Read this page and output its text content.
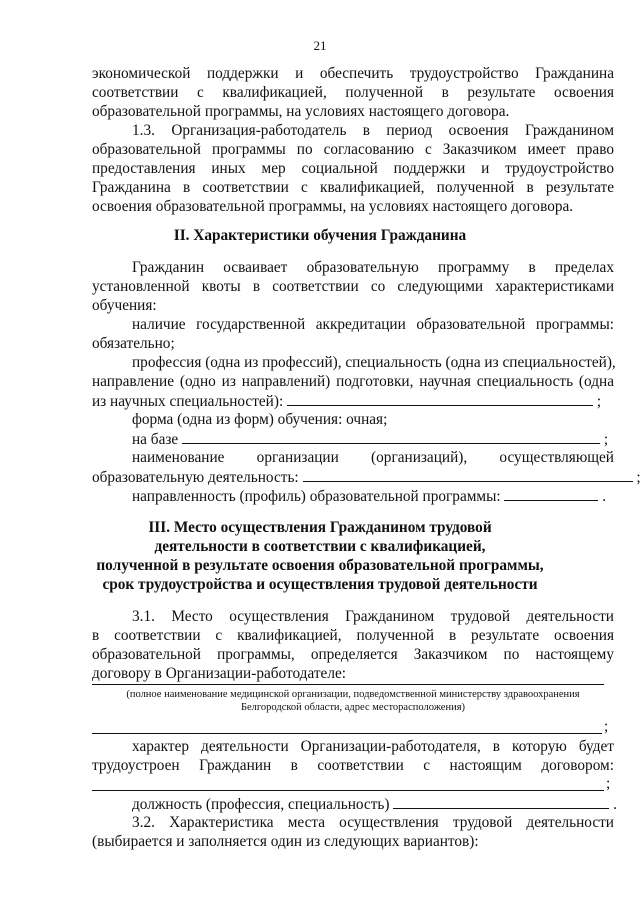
21
экономической поддержки и обеспечить трудоустройство Гражданина
соответствии с квалификацией, полученной в результате освоения
образовательной программы, на условиях настоящего договора.
1.3. Организация-работодатель в период освоения Гражданином
образовательной программы по согласованию с Заказчиком имеет право
предоставления иных мер социальной поддержки и трудоустройство
Гражданина в соответствии с квалификацией, полученной в результате
освоения образовательной программы, на условиях настоящего договора.
II. Характеристики обучения Гражданина
Гражданин осваивает образовательную программу в пределах
установленной квоты в соответствии со следующими характеристиками
обучения:
наличие государственной аккредитации образовательной программы:
обязательно;
профессия (одна из профессий), специальность (одна из специальностей),
направление (одно из направлений) подготовки, научная специальность (одна
из научных специальностей):	;
форма (одна из форм) обучения: очная;
на базе	;
наименование организации (организаций), осуществляющей
образовательную деятельность:	;
направленность (профиль) образовательной программы:	.
III. Место осуществления Гражданином трудовой
деятельности в соответствии с квалификацией,
полученной в результате освоения образовательной программы,
срок трудоустройства и осуществления трудовой деятельности
3.1. Место осуществления Гражданином трудовой деятельности
в соответствии с квалификацией, полученной в результате освоения
образовательной программы, определяется Заказчиком по настоящему
договору в Организации-работодателе:
(полное наименование медицинской организации, подведомственной министерству здравоохранения
Белгородской области, адрес месторасположения)
;
характер деятельности Организации-работодателя, в которую будет
трудоустроен Гражданин в соответствии с настоящим договором:
;
должность (профессия, специальность)	.
3.2. Характеристика места осуществления трудовой деятельности
(выбирается и заполняется один из следующих вариантов):
